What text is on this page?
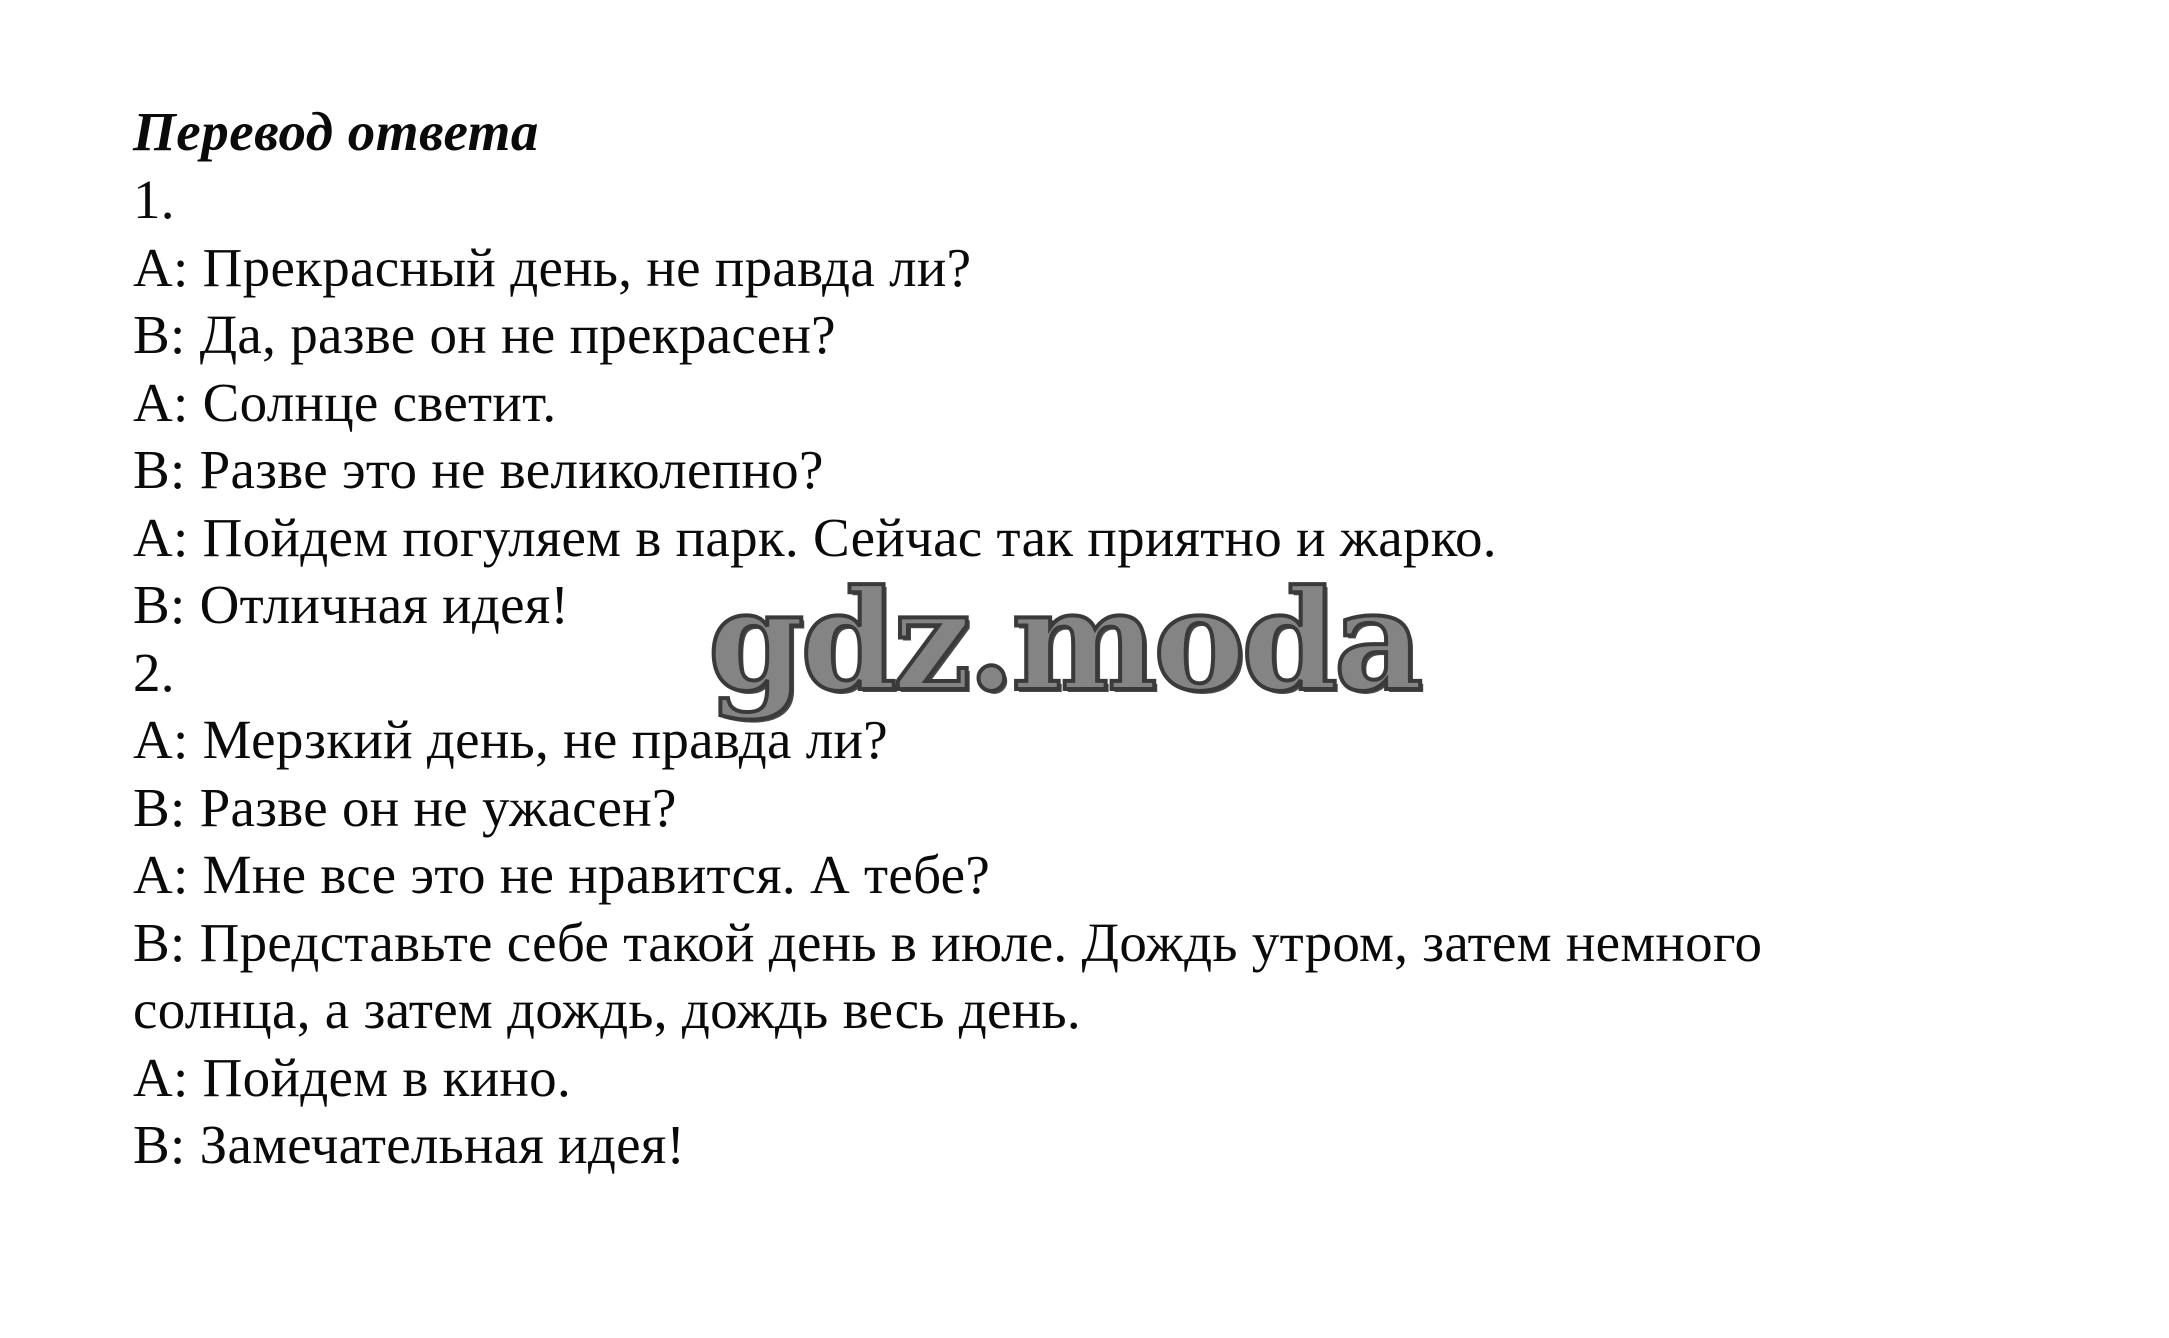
Перевод ответа

1.

A: Прекрасный день, не правда ли?

B: Да, разве он не прекрасен?

A: Солнце светит.

B: Разве это не великолепно?

A: Пойдем погуляем в парк. Сейчас так приятно и жарко.

B: Отличная идея!

2.

A: Мерзкий день, не правда ли?

B: Разве он не ужасен?

A: Мне все это не нравится. А тебе?

B: Представьте себе такой день в июле. Дождь утром, затем немного

солнца, а затем дождь, дождь весь день.

A: Пойдем в кино.

B: Замечательная идея!

gdz.moda
